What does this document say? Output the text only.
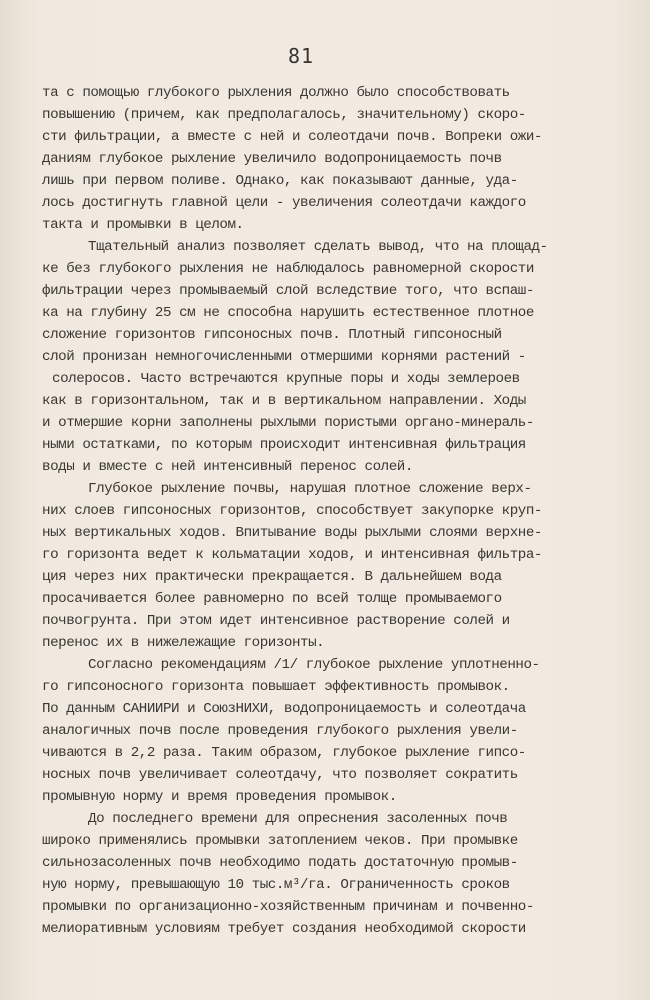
81
та с помощью глубокого рыхления должно было способствовать
повышению (причем, как предполагалось, значительному) скоро-
сти фильтрации, а вместе с ней и солеотдачи почв. Вопреки ожи-
даниям глубокое рыхление увеличило водопроницаемость почв
лишь при первом поливе. Однако, как показывают данные, уда-
лось достигнуть главной цели - увеличения солеотдачи каждого
такта и промывки в целом.
Тщательный анализ позволяет сделать вывод, что на площад-
ке без глубокого рыхления не наблюдалось равномерной скорости
фильтрации через промываемый слой вследствие того, что вспаш-
ка на глубину 25 см не способна нарушить естественное плотное
сложение горизонтов гипсоносных почв. Плотный гипсоносный
слой пронизан немногочисленными отмершими корнями растений -
солеросов. Часто встречаются крупные поры и ходы землероев
как в горизонтальном, так и в вертикальном направлении. Ходы
и отмершие корни заполнены рыхлыми пористыми органо-минераль-
ными остатками, по которым происходит интенсивная фильтрация
воды и вместе с ней интенсивный перенос солей.
Глубокое рыхление почвы, нарушая плотное сложение верх-
них слоев гипсоносных горизонтов, способствует закупорке круп-
ных вертикальных ходов. Впитывание воды рыхлыми слоями верхне-
го горизонта ведет к кольматации ходов, и интенсивная фильтра-
ция через них практически прекращается. В дальнейшем вода
просачивается более равномерно по всей толще промываемого
почвогрунта. При этом идет интенсивное растворение солей и
перенос их в нижележащие горизонты.
Согласно рекомендациям /1/ глубокое рыхление уплотненно-
го гипсоносного горизонта повышает эффективность промывок.
По данным САНИИРИ и СоюзНИХИ, водопроницаемость и солеотдача
аналогичных почв после проведения глубокого рыхления увели-
чиваются в 2,2 раза. Таким образом, глубокое рыхление гипсо-
носных почв увеличивает солеотдачу, что позволяет сократить
промывную норму и время проведения промывок.
До последнего времени для опреснения засоленных почв
широко применялись промывки затоплением чеков. При промывке
сильнозасоленных почв необходимо подать достаточную промыв-
ную норму, превышающую 10 тыс.м³/га. Ограниченность сроков
промывки по организационно-хозяйственным причинам и почвенно-
мелиоративным условиям требует создания необходимой скорости
